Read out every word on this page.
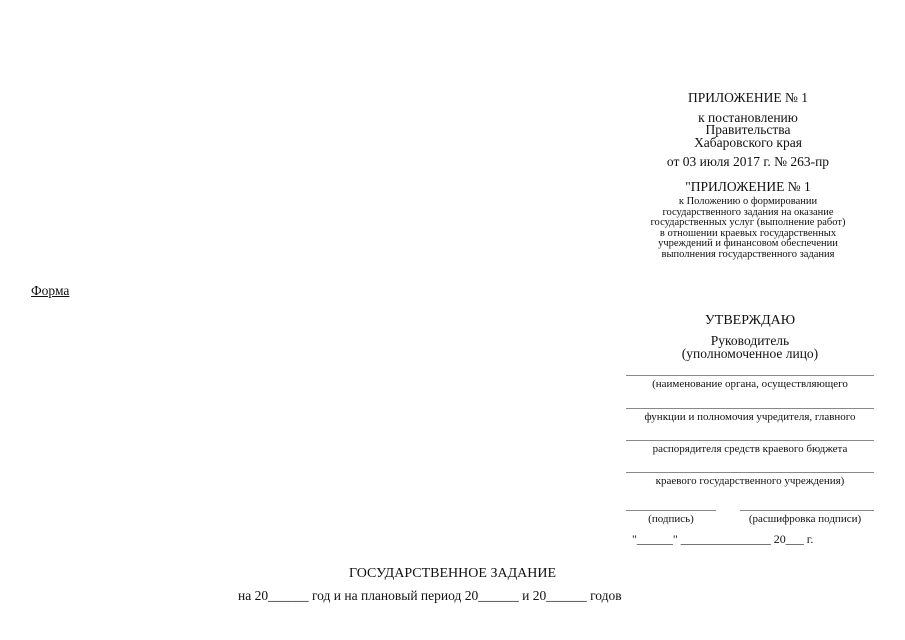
ПРИЛОЖЕНИЕ № 1
к постановлению
Правительства
Хабаровского края
от 03 июля 2017 г. № 263-пр
"ПРИЛОЖЕНИЕ № 1
к Положению о формировании
государственного задания на оказание
государственных услуг (выполнение работ)
в отношении краевых государственных
учреждений и финансовом обеспечении
выполнения государственного задания
Форма
УТВЕРЖДАЮ
Руководитель
(уполномоченное лицо)
(наименование органа, осуществляющего
функции и полномочия учредителя, главного
распорядителя средств краевого бюджета
краевого государственного учреждения)
(подпись)	(расшифровка подписи)
"______" _______________ 20___ г.
ГОСУДАРСТВЕННОЕ ЗАДАНИЕ
на 20______ год и на плановый период 20______ и 20______ годов
